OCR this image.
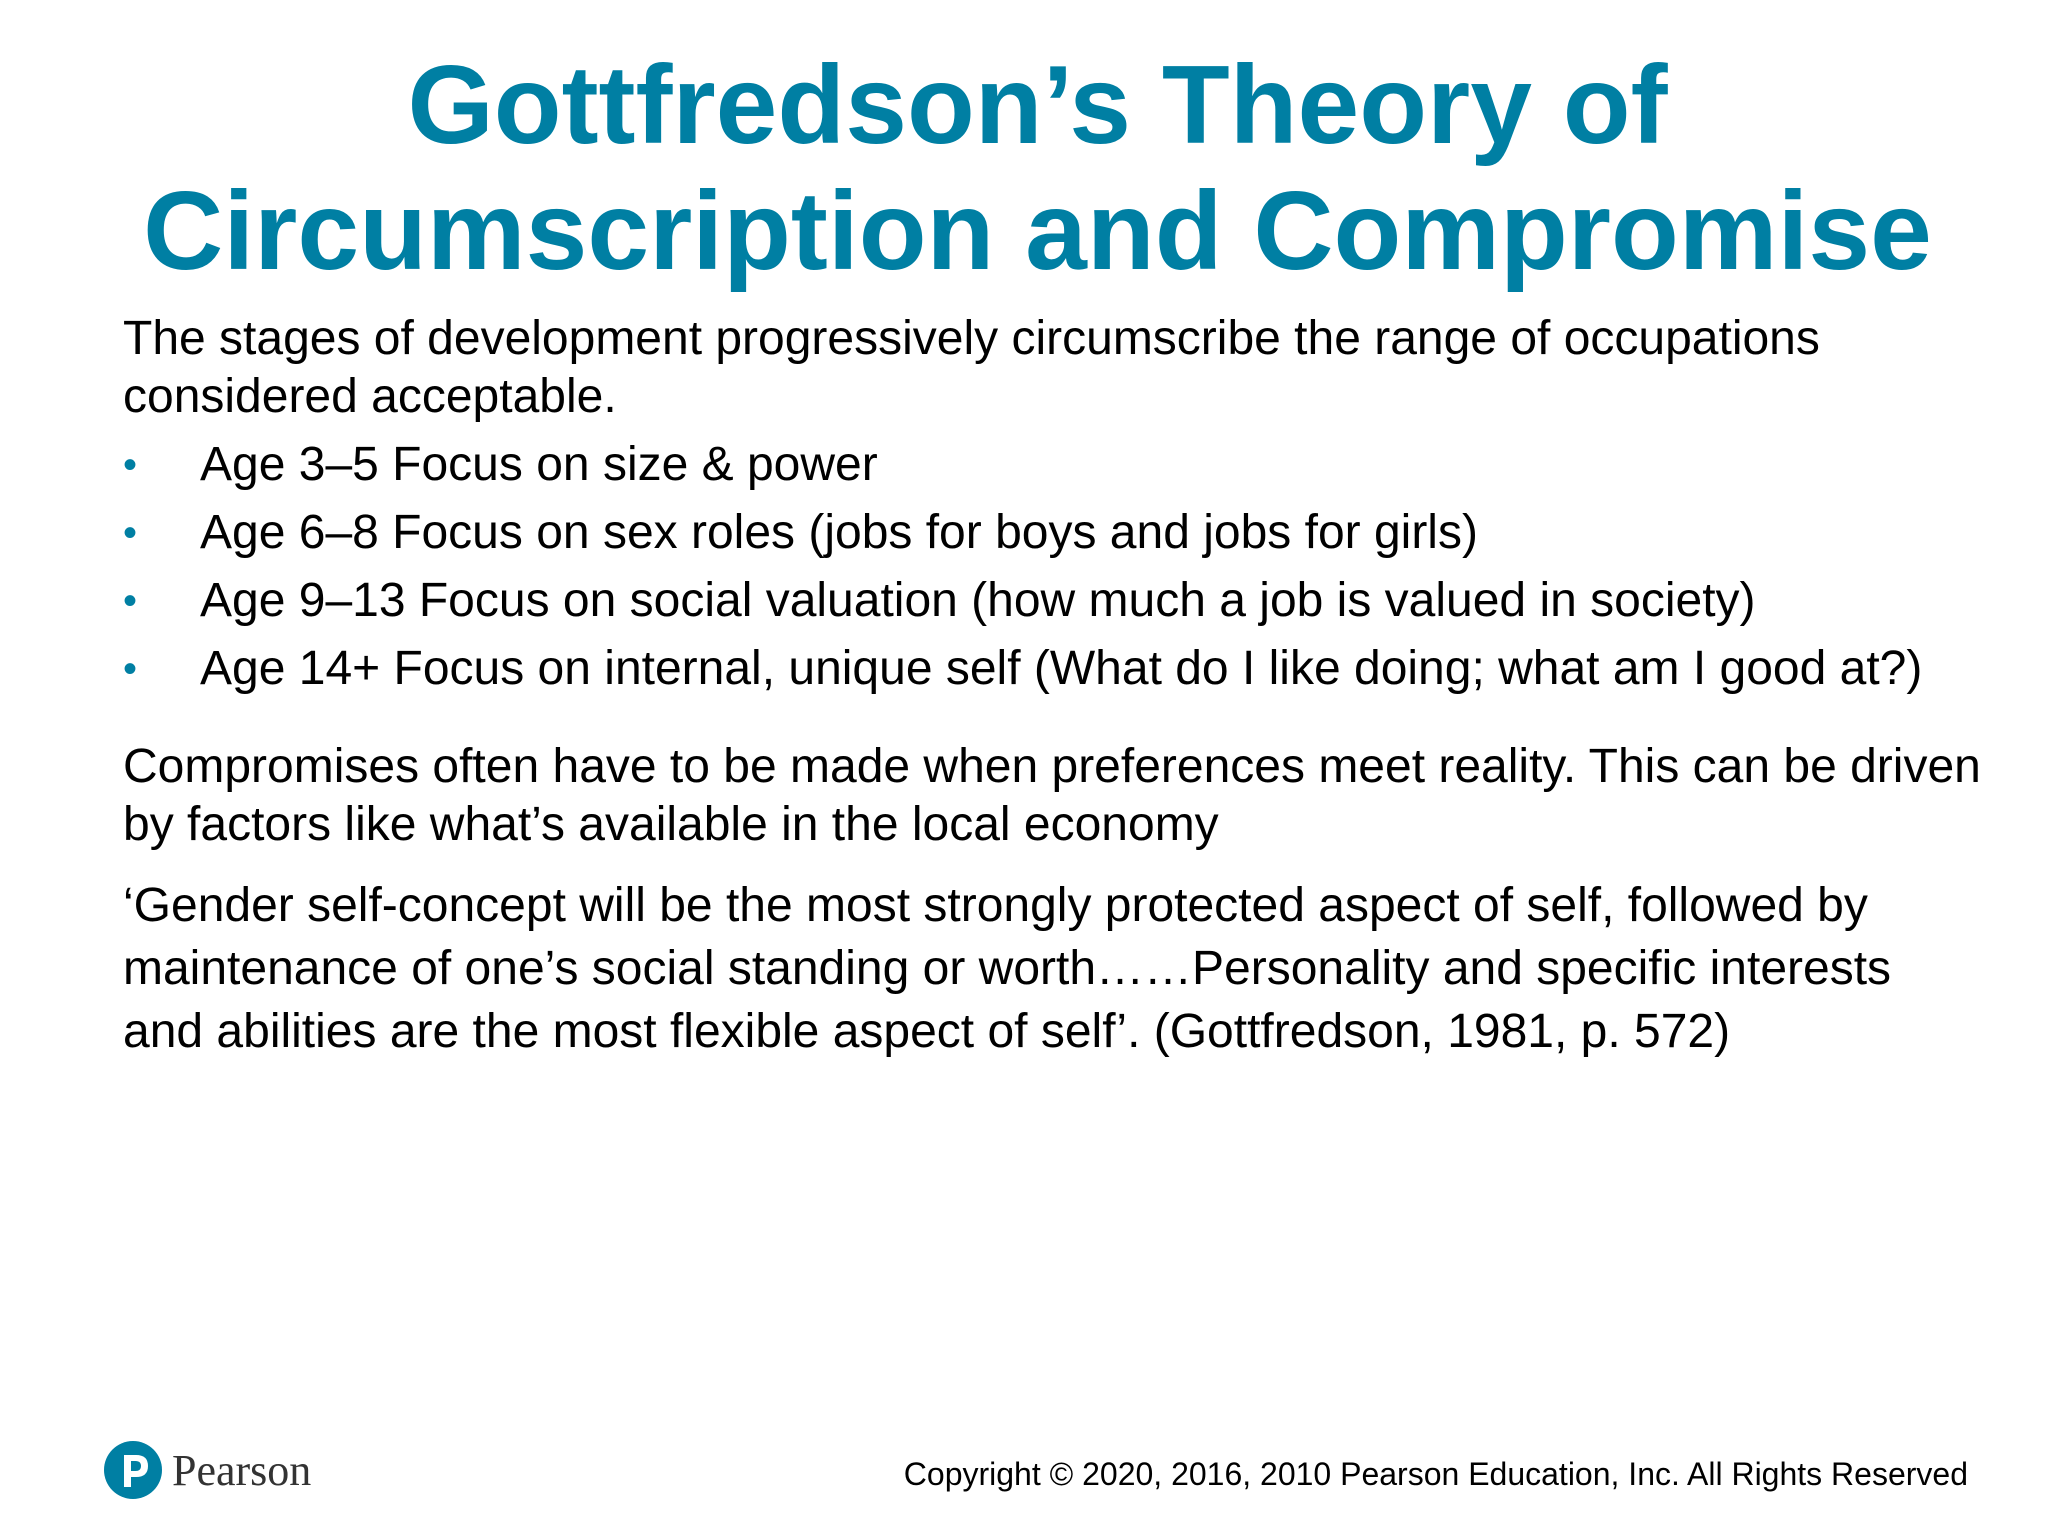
Gottfredson’s Theory of
Circumscription and Compromise

The stages of development progressively circumscribe the range of occupations considered acceptable.

• Age 3–5 Focus on size & power
• Age 6–8 Focus on sex roles (jobs for boys and jobs for girls)
• Age 9–13 Focus on social valuation (how much a job is valued in society)
• Age 14+ Focus on internal, unique self (What do I like doing; what am I good at?)

Compromises often have to be made when preferences meet reality. This can be driven by factors like what’s available in the local economy

‘Gender self-concept will be the most strongly protected aspect of self, followed by maintenance of one’s social standing or worth……Personality and specific interests and abilities are the most flexible aspect of self’. (Gottfredson, 1981, p. 572)

Pearson	Copyright © 2020, 2016, 2010 Pearson Education, Inc. All Rights Reserved
